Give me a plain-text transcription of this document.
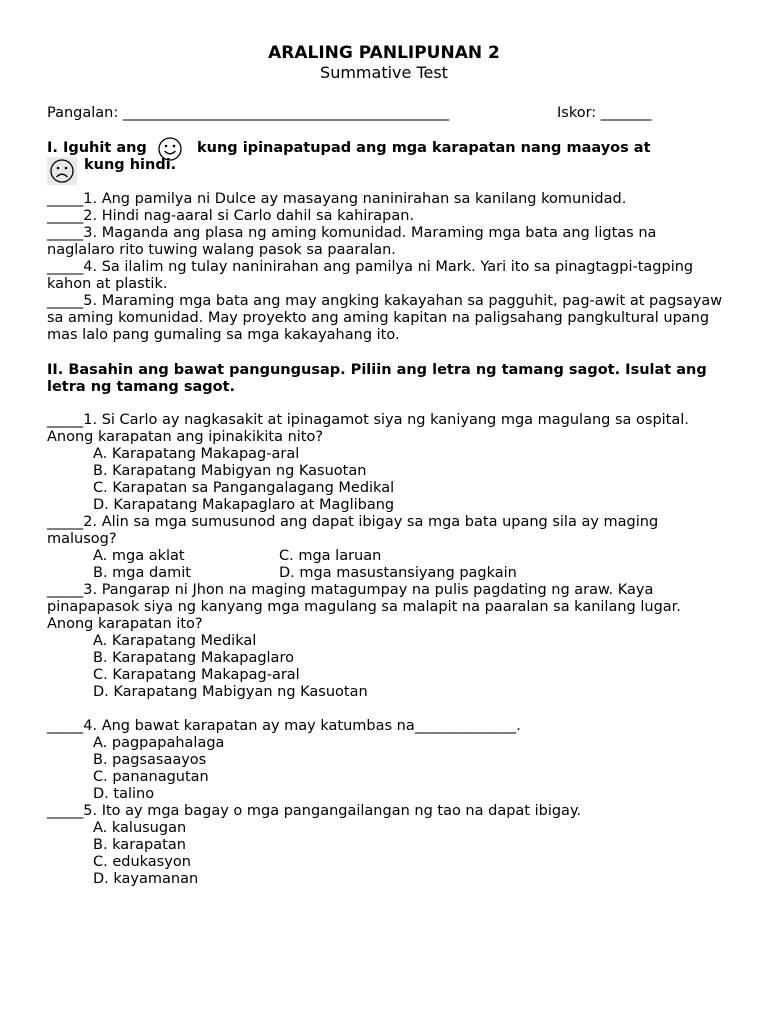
ARALING PANLIPUNAN 2
Summative Test
Pangalan: _____________________________________________	Iskor: _______
I. Iguhit ang	kung ipinapatupad ang mga karapatan nang maayos at
kung hindi.

_____1. Ang pamilya ni Dulce ay masayang naninirahan sa kanilang komunidad.

_____2. Hindi nag-aaral si Carlo dahil sa kahirapan.

_____3. Maganda ang plasa ng aming komunidad. Maraming mga bata ang ligtas na naglalaro rito tuwing walang pasok sa paaralan.

_____4. Sa ilalim ng tulay naninirahan ang pamilya ni Mark. Yari ito sa pinagtagpi-tagping kahon at plastik.

_____5. Maraming mga bata ang may angking kakayahan sa pagguhit, pag-awit at pagsayaw sa aming komunidad. May proyekto ang aming kapitan na paligsahang pangkultural upang mas lalo pang gumaling sa mga kakayahang ito.

II. Basahin ang bawat pangungusap. Piliin ang letra ng tamang sagot. Isulat ang letra ng tamang sagot.

_____1. Si Carlo ay nagkasakit at ipinagamot siya ng kaniyang mga magulang sa ospital. Anong karapatan ang ipinakikita nito?

A. Karapatang Makapag-aral

B. Karapatang Mabigyan ng Kasuotan

C. Karapatan sa Pangangalagang Medikal

D. Karapatang Makapaglaro at Maglibang

_____2. Alin sa mga sumusunod ang dapat ibigay sa mga bata upang sila ay maging malusog?

A. mga aklat	C. mga laruan
B. mga damit	D. mga masustansiyang pagkain

_____3. Pangarap ni Jhon na maging matagumpay na pulis pagdating ng araw. Kaya pinapapasok siya ng kanyang mga magulang sa malapit na paaralan sa kanilang lugar. Anong karapatan ito?

A. Karapatang Medikal

B. Karapatang Makapaglaro

C. Karapatang Makapag-aral

D. Karapatang Mabigyan ng Kasuotan

_____4. Ang bawat karapatan ay may katumbas na______________.

A. pagpapahalaga

B. pagsasaayos

C. pananagutan

D. talino

_____5. Ito ay mga bagay o mga pangangailangan ng tao na dapat ibigay.

A. kalusugan

B. karapatan

C. edukasyon

D. kayamanan
